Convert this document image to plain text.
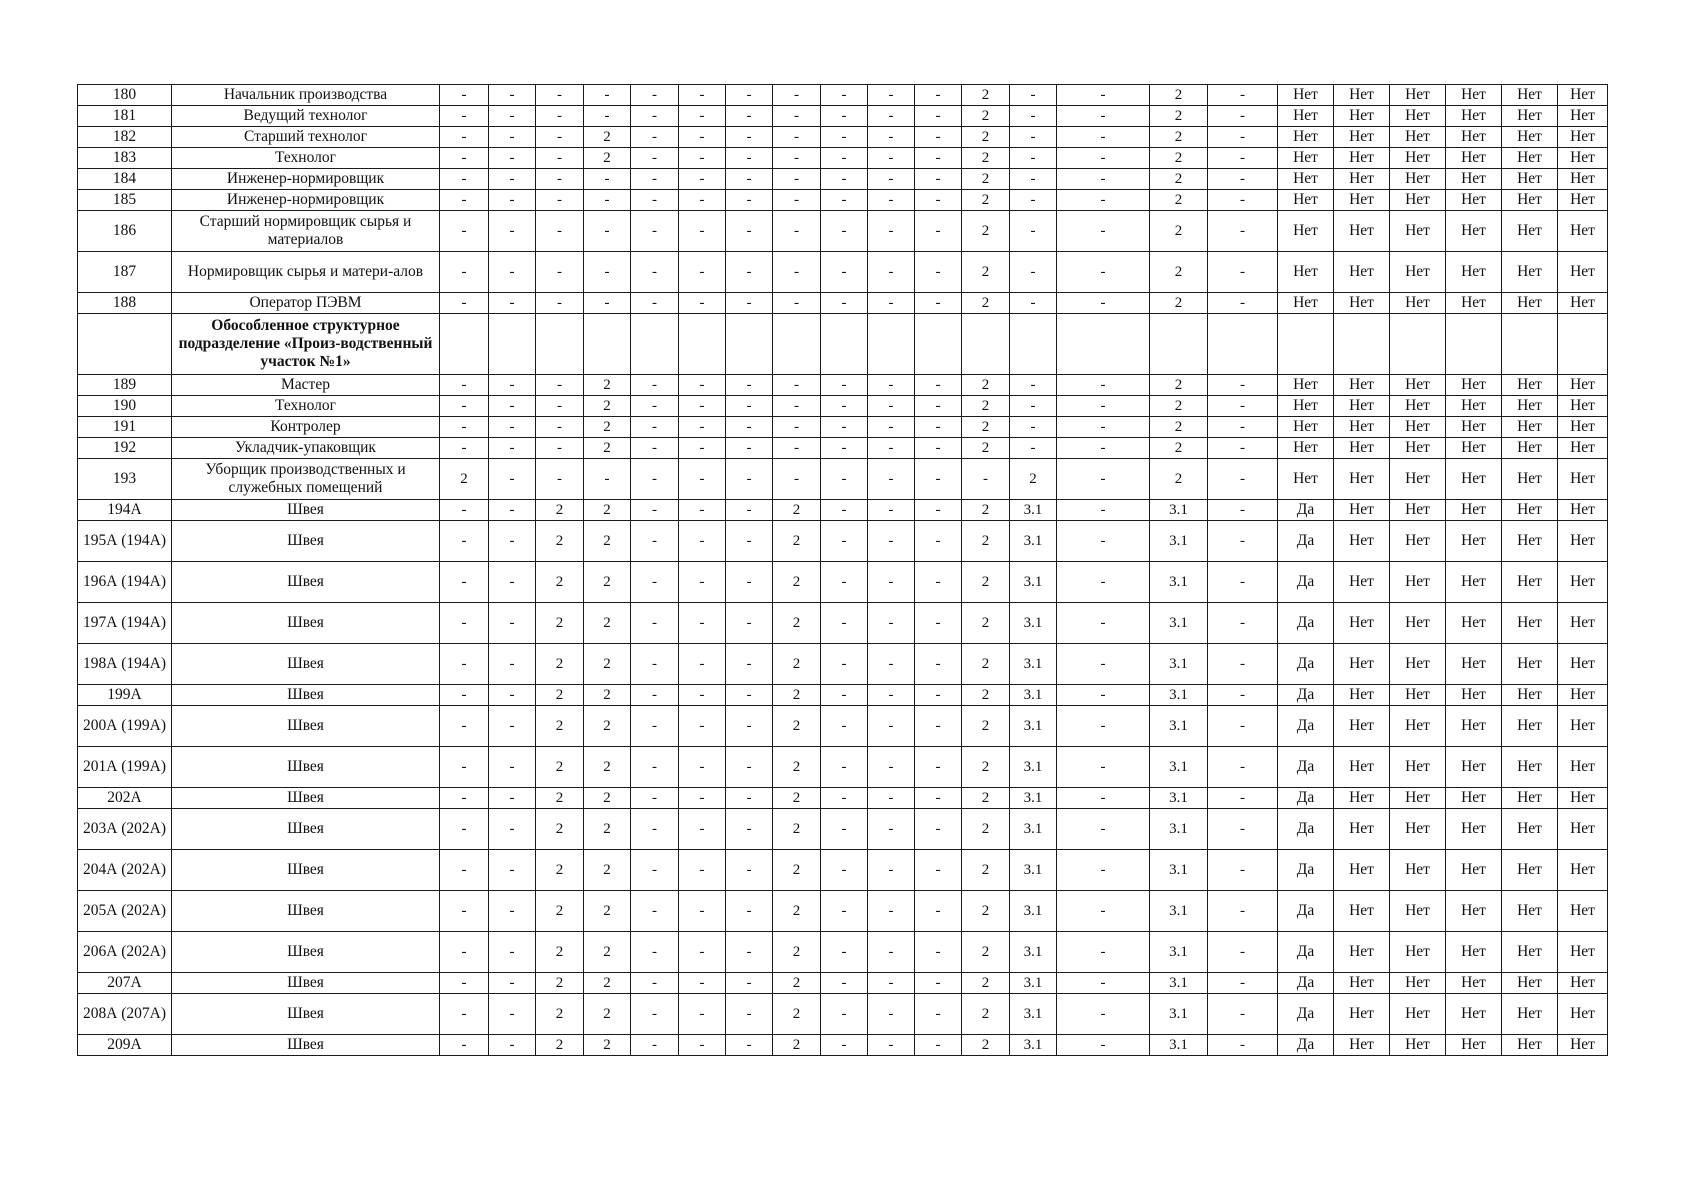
180	Начальник производства	-	-	-	-	-	-	-	-	-	-	-	2	-	-	2	-	Нет	Нет	Нет	Нет	Нет	Нет
181	Ведущий технолог	-	-	-	-	-	-	-	-	-	-	-	2	-	-	2	-	Нет	Нет	Нет	Нет	Нет	Нет
182	Старший технолог	-	-	-	2	-	-	-	-	-	-	-	2	-	-	2	-	Нет	Нет	Нет	Нет	Нет	Нет
183	Технолог	-	-	-	2	-	-	-	-	-	-	-	2	-	-	2	-	Нет	Нет	Нет	Нет	Нет	Нет
184	Инженер-нормировщик	-	-	-	-	-	-	-	-	-	-	-	2	-	-	2	-	Нет	Нет	Нет	Нет	Нет	Нет
185	Инженер-нормировщик	-	-	-	-	-	-	-	-	-	-	-	2	-	-	2	-	Нет	Нет	Нет	Нет	Нет	Нет
186	Старший нормировщик сырья и материалов	-	-	-	-	-	-	-	-	-	-	-	2	-	-	2	-	Нет	Нет	Нет	Нет	Нет	Нет
187	Нормировщик сырья и матери-алов	-	-	-	-	-	-	-	-	-	-	-	2	-	-	2	-	Нет	Нет	Нет	Нет	Нет	Нет
188	Оператор ПЭВМ	-	-	-	-	-	-	-	-	-	-	-	2	-	-	2	-	Нет	Нет	Нет	Нет	Нет	Нет
	Обособленное структурное подразделение «Произ-водственный участок №1»																						
189	Мастер	-	-	-	2	-	-	-	-	-	-	-	2	-	-	2	-	Нет	Нет	Нет	Нет	Нет	Нет
190	Технолог	-	-	-	2	-	-	-	-	-	-	-	2	-	-	2	-	Нет	Нет	Нет	Нет	Нет	Нет
191	Контролер	-	-	-	2	-	-	-	-	-	-	-	2	-	-	2	-	Нет	Нет	Нет	Нет	Нет	Нет
192	Укладчик-упаковщик	-	-	-	2	-	-	-	-	-	-	-	2	-	-	2	-	Нет	Нет	Нет	Нет	Нет	Нет
193	Уборщик производственных и служебных помещений	2	-	-	-	-	-	-	-	-	-	-	-	2	-	2	-	Нет	Нет	Нет	Нет	Нет	Нет
194А	Швея	-	-	2	2	-	-	-	2	-	-	-	2	3.1	-	3.1	-	Да	Нет	Нет	Нет	Нет	Нет
195А (194А)	Швея	-	-	2	2	-	-	-	2	-	-	-	2	3.1	-	3.1	-	Да	Нет	Нет	Нет	Нет	Нет
196А (194А)	Швея	-	-	2	2	-	-	-	2	-	-	-	2	3.1	-	3.1	-	Да	Нет	Нет	Нет	Нет	Нет
197А (194А)	Швея	-	-	2	2	-	-	-	2	-	-	-	2	3.1	-	3.1	-	Да	Нет	Нет	Нет	Нет	Нет
198А (194А)	Швея	-	-	2	2	-	-	-	2	-	-	-	2	3.1	-	3.1	-	Да	Нет	Нет	Нет	Нет	Нет
199А	Швея	-	-	2	2	-	-	-	2	-	-	-	2	3.1	-	3.1	-	Да	Нет	Нет	Нет	Нет	Нет
200А (199А)	Швея	-	-	2	2	-	-	-	2	-	-	-	2	3.1	-	3.1	-	Да	Нет	Нет	Нет	Нет	Нет
201А (199А)	Швея	-	-	2	2	-	-	-	2	-	-	-	2	3.1	-	3.1	-	Да	Нет	Нет	Нет	Нет	Нет
202А	Швея	-	-	2	2	-	-	-	2	-	-	-	2	3.1	-	3.1	-	Да	Нет	Нет	Нет	Нет	Нет
203А (202А)	Швея	-	-	2	2	-	-	-	2	-	-	-	2	3.1	-	3.1	-	Да	Нет	Нет	Нет	Нет	Нет
204А (202А)	Швея	-	-	2	2	-	-	-	2	-	-	-	2	3.1	-	3.1	-	Да	Нет	Нет	Нет	Нет	Нет
205А (202А)	Швея	-	-	2	2	-	-	-	2	-	-	-	2	3.1	-	3.1	-	Да	Нет	Нет	Нет	Нет	Нет
206А (202А)	Швея	-	-	2	2	-	-	-	2	-	-	-	2	3.1	-	3.1	-	Да	Нет	Нет	Нет	Нет	Нет
207А	Швея	-	-	2	2	-	-	-	2	-	-	-	2	3.1	-	3.1	-	Да	Нет	Нет	Нет	Нет	Нет
208А (207А)	Швея	-	-	2	2	-	-	-	2	-	-	-	2	3.1	-	3.1	-	Да	Нет	Нет	Нет	Нет	Нет
209А	Швея	-	-	2	2	-	-	-	2	-	-	-	2	3.1	-	3.1	-	Да	Нет	Нет	Нет	Нет	Нет
